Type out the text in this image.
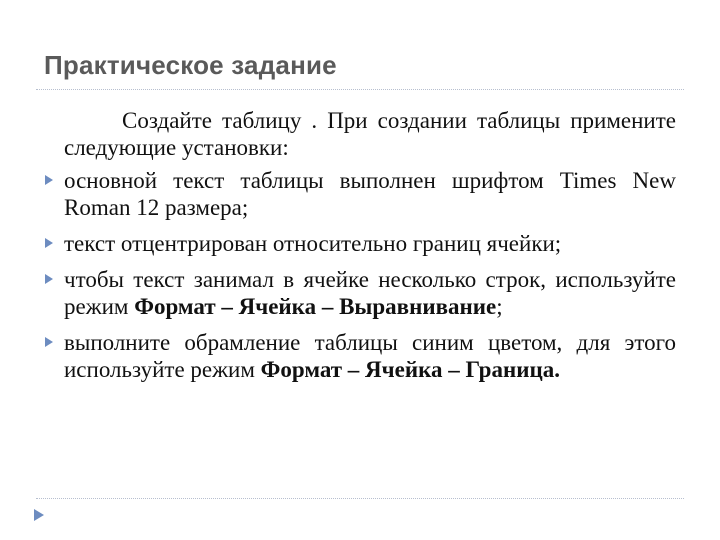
Практическое задание

Создайте таблицу . При создании таблицы примените следующие установки:

основной текст таблицы выполнен шрифтом Times New Roman 12 размера;
текст отцентрирован относительно границ ячейки;
чтобы текст занимал в ячейке несколько строк, используйте режим Формат – Ячейка – Выравнивание;
выполните обрамление таблицы синим цветом, для этого используйте режим Формат – Ячейка – Граница.
